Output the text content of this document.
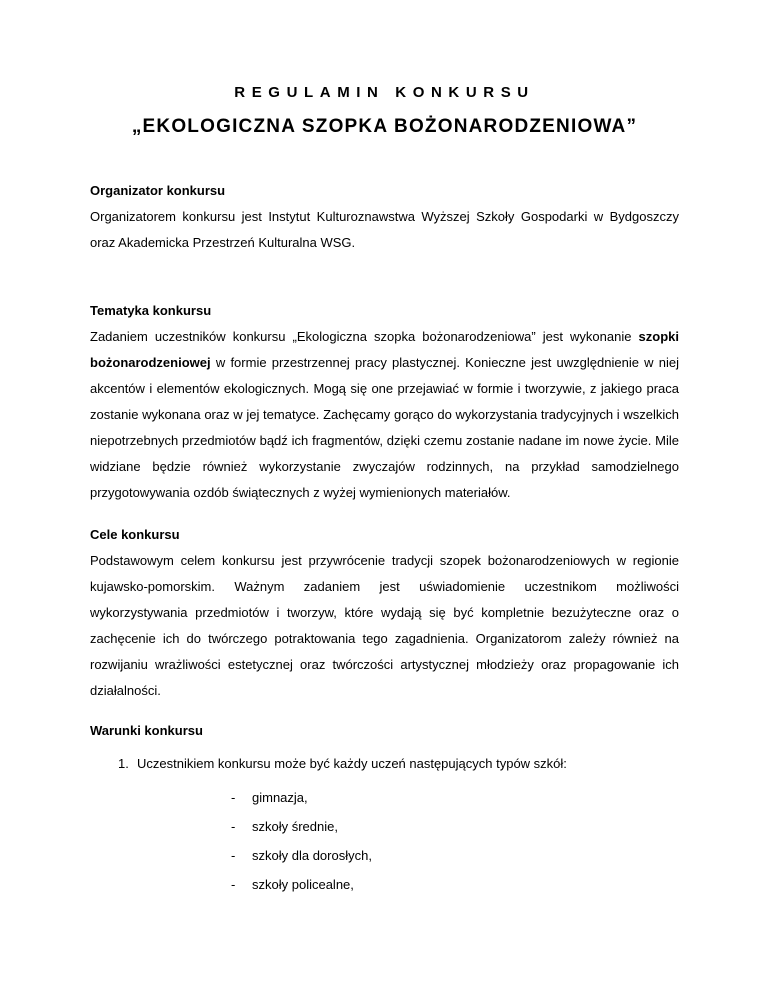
REGULAMIN KONKURSU
„EKOLOGICZNA SZOPKA BOŻONARODZENIOWA”

Organizator konkursu

Organizatorem konkursu jest Instytut Kulturoznawstwa Wyższej Szkoły Gospodarki w Bydgoszczy oraz Akademicka Przestrzeń Kulturalna WSG.

Tematyka konkursu

Zadaniem uczestników konkursu „Ekologiczna szopka bożonarodzeniowa” jest wykonanie szopki bożonarodzeniowej w formie przestrzennej pracy plastycznej. Konieczne jest uwzględnienie w niej akcentów i elementów ekologicznych. Mogą się one przejawiać w formie i tworzywie, z jakiego praca zostanie wykonana oraz w jej tematyce. Zachęcamy gorąco do wykorzystania tradycyjnych i wszelkich niepotrzebnych przedmiotów bądź ich fragmentów, dzięki czemu zostanie nadane im nowe życie. Mile widziane będzie również wykorzystanie zwyczajów rodzinnych, na przykład samodzielnego przygotowywania ozdób świątecznych z wyżej wymienionych materiałów.

Cele konkursu

Podstawowym celem konkursu jest przywrócenie tradycji szopek bożonarodzeniowych w regionie kujawsko-pomorskim. Ważnym zadaniem jest uświadomienie uczestnikom możliwości wykorzystywania przedmiotów i tworzyw, które wydają się być kompletnie bezużyteczne oraz o zachęcenie ich do twórczego potraktowania tego zagadnienia. Organizatorom zależy również na rozwijaniu wrażliwości estetycznej oraz twórczości artystycznej młodzieży oraz propagowanie ich działalności.

Warunki konkursu

1. Uczestnikiem konkursu może być każdy uczeń następujących typów szkół:
- gimnazja,
- szkoły średnie,
- szkoły dla dorosłych,
- szkoły policealne,
